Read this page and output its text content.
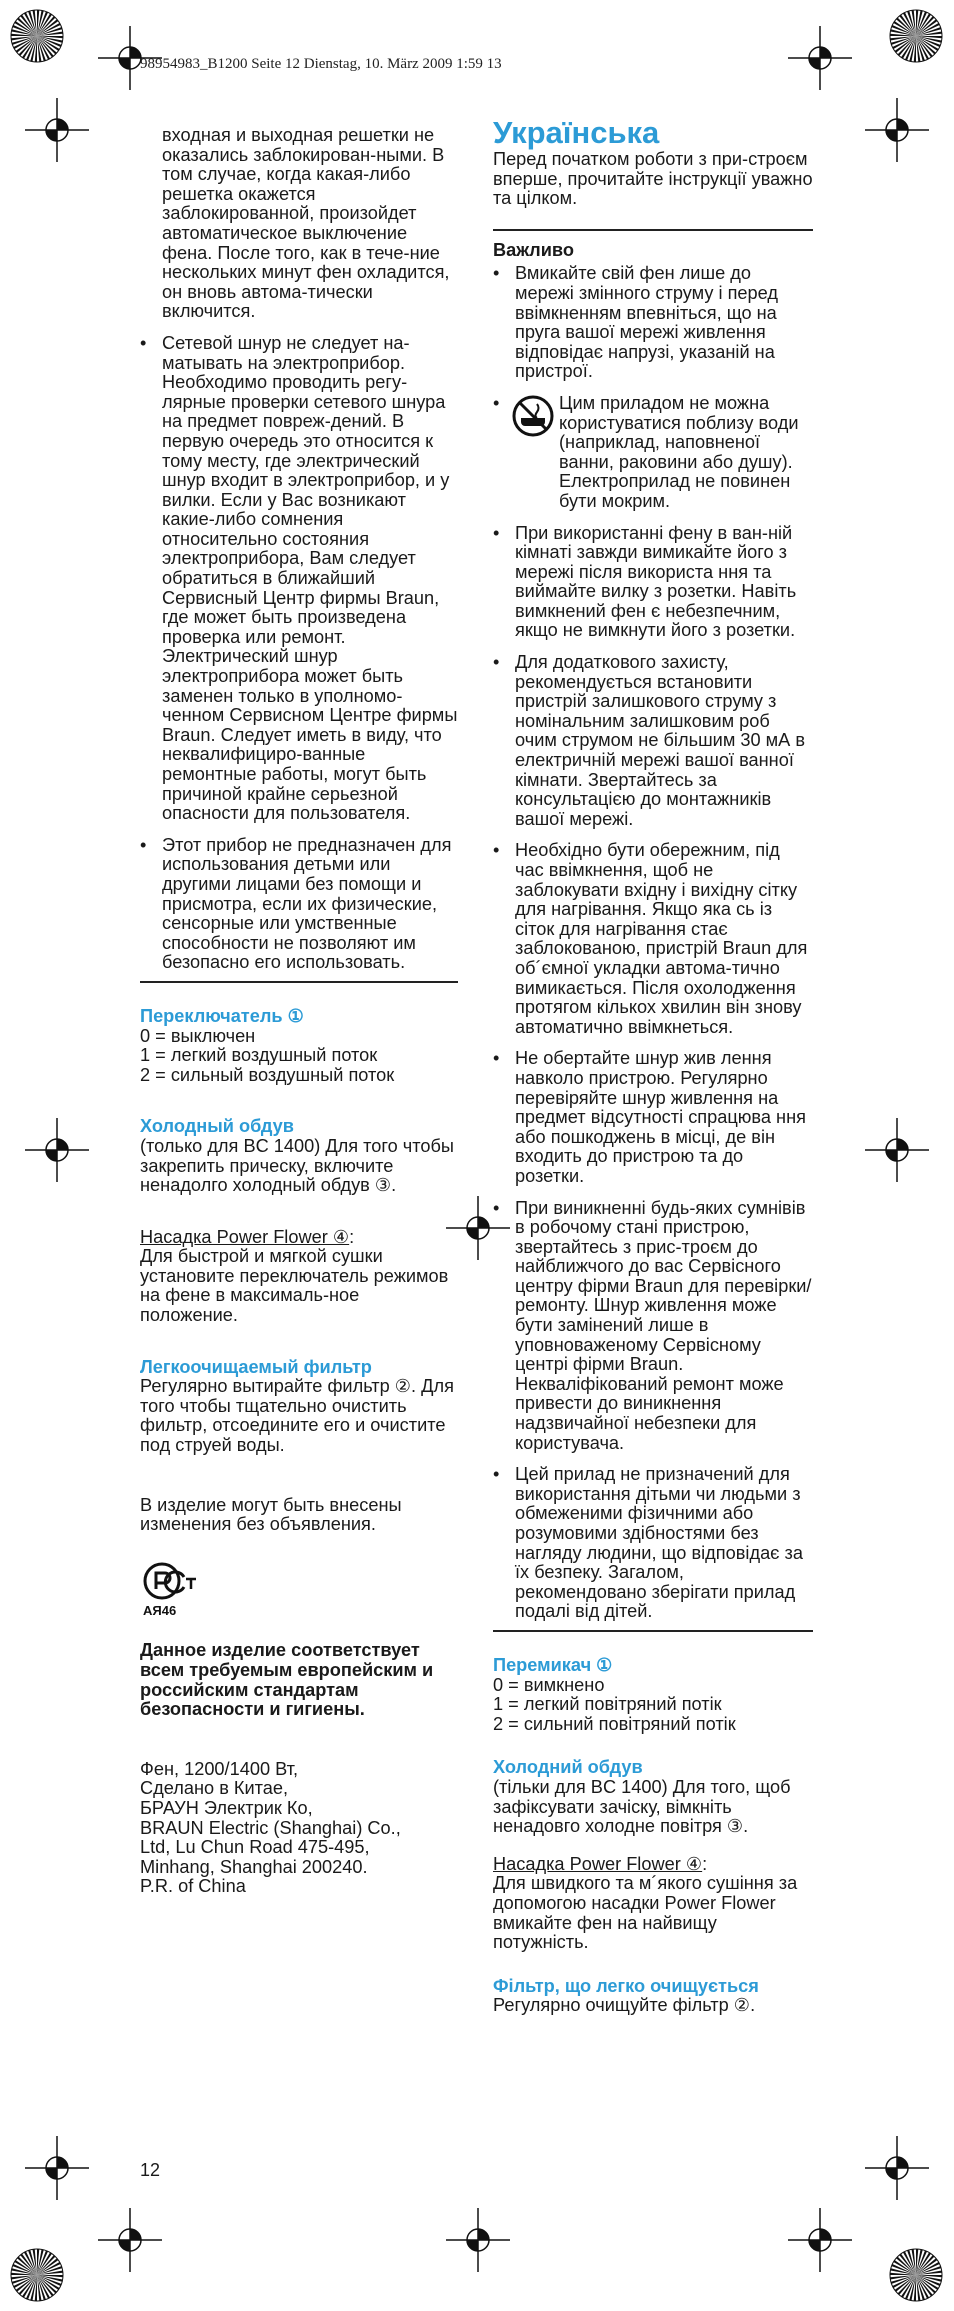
98954983_B1200 Seite 12 Dienstag, 10. März 2009 1:59 13

входная и выходная решетки не оказались заблокирован-ными. В том случае, когда какая-либо решетка окажется заблокированной, произойдет автоматическое выключение фена. После того, как в тече-ние нескольких минут фен охладится, он вновь автома-тически включится.

• Сетевой шнур не следует на-матывать на электроприбор. Необходимо проводить регу-лярные проверки сетевого шнура на предмет повреж-дений. В первую очередь это относится к тому месту, где электрический шнур входит в электроприбор, и у вилки. Если у Вас возникают какие-либо сомнения относительно состояния электроприбора, Вам следует обратиться в ближайший Сервисный Центр фирмы Braun, где может быть произведена проверка или ремонт. Электрический шнур электроприбора может быть заменен только в уполномо-ченном Сервисном Центре фирмы Braun. Следует иметь в виду, что неквалифициро-ванные ремонтные работы, могут быть причиной крайне серьезной опасности для пользователя.
• Этот прибор не предназначен для использования детьми или другими лицами без помощи и присмотра, если их физические, сенсорные или умственные способности не позволяют им безопасно его использовать.

Переключатель ①

0 = выключен

1 = легкий воздушный поток

2 = сильный воздушный поток

Холодный обдув

(только для BC 1400) Для того чтобы закрепить прическу, включите ненадолго холодный обдув ③.

Насадка Power Flower ④:

Для быстрой и мягкой сушки установите переключатель режимов на фене в максималь-ное положение.

Легкоочищаемый фильтр

Регулярно вытирайте фильтр ②. Для того чтобы тщательно очистить фильтр, отсоедините его и очистите под струей воды.

В изделие могут быть внесены изменения без объявления.

AЯ46

Данное изделие соответствует всем требуемым европейским и российским стандартам безопасности и гигиены.

Фен, 1200/1400 Вт,

Сделано в Китае,

БРАУН Электрик Ко,

BRAUN Electric (Shanghai) Co.,

Ltd, Lu Chun Road 475-495,

Minhang, Shanghai 200240.

P.R. of China

Українська

Перед початком роботи з при-строєм вперше, прочитайте інструкції уважно та цілком.

Важливо

• Вмикайте свій фен лише до мережі змінного струму і перед ввімкненням впевніться, що на пруга вашої мережі живлення відповідає напрузі, указаній на пристрої.
• Цим приладом не можна користуватися поблизу води (наприклад, наповненої ванни, раковини або душу). Електроприлад не повинен бути мокрим.
• При використанні фену в ван-ній кімнаті завжди вимикайте його з мережі після використа ння та виймайте вилку з розетки. Навіть вимкнений фен є небезпечним, якщо не вимкнути його з розетки.
• Для додаткового захисту, рекомендується встановити пристрій залишкового струму з номінальним залишковим роб очим струмом не більшим 30 мА в електричній мережі вашої ванної кімнати. Звертайтесь за консультацією до монтажників вашої мережі.
• Необхідно бути обережним, під час ввімкнення, щоб не заблокувати вхідну і вихідну сітку для нагрівання. Якщо яка сь із сіток для нагрівання стає заблокованою, пристрій Braun для об´ємної укладки автома-тично вимикається. Після охолодження протягом кількох хвилин він знову автоматично ввімкнеться.
• Не обертайте шнур жив лення навколо пристрою. Регулярно перевіряйте шнур живлення на предмет відсутності спрацюва ння або пошкоджень в місці, де він входить до пристрою та до розетки.
• При виникненні будь-яких сумнівів в робочому стані пристрою, звертайтесь з прис-троєм до найближчого до вас Сервісного центру фірми Braun для перевірки/ремонту. Шнур живлення може бути замінений лише в уповноваженому Сервісному центрі фірми Braun. Некваліфікований ремонт може привести до виникнення надзвичайної небезпеки для користувача.
• Цей прилад не призначений для використання дітьми чи людьми з обмеженими фізичними або розумовими здібностями без нагляду людини, що відповідає за їх безпеку. Загалом, рекомендовано зберігати прилад подалі від дітей.

Перемикач ①

0 = вимкнено

1 = легкий повітряний потік

2 = сильний повітряний потік

Холодний обдув

(тільки для BC 1400) Для того, щоб зафіксувати зачіску, вімкніть ненадовго холодне повітря ③.

Насадка Power Flower ④:

Для швидкого та м´якого сушіння за допомогою насадки Power Flower вмикайте фен на найвищу потужність.

Фільтр, що легко очищується

Регулярно очищуйте фільтр ②.

12
